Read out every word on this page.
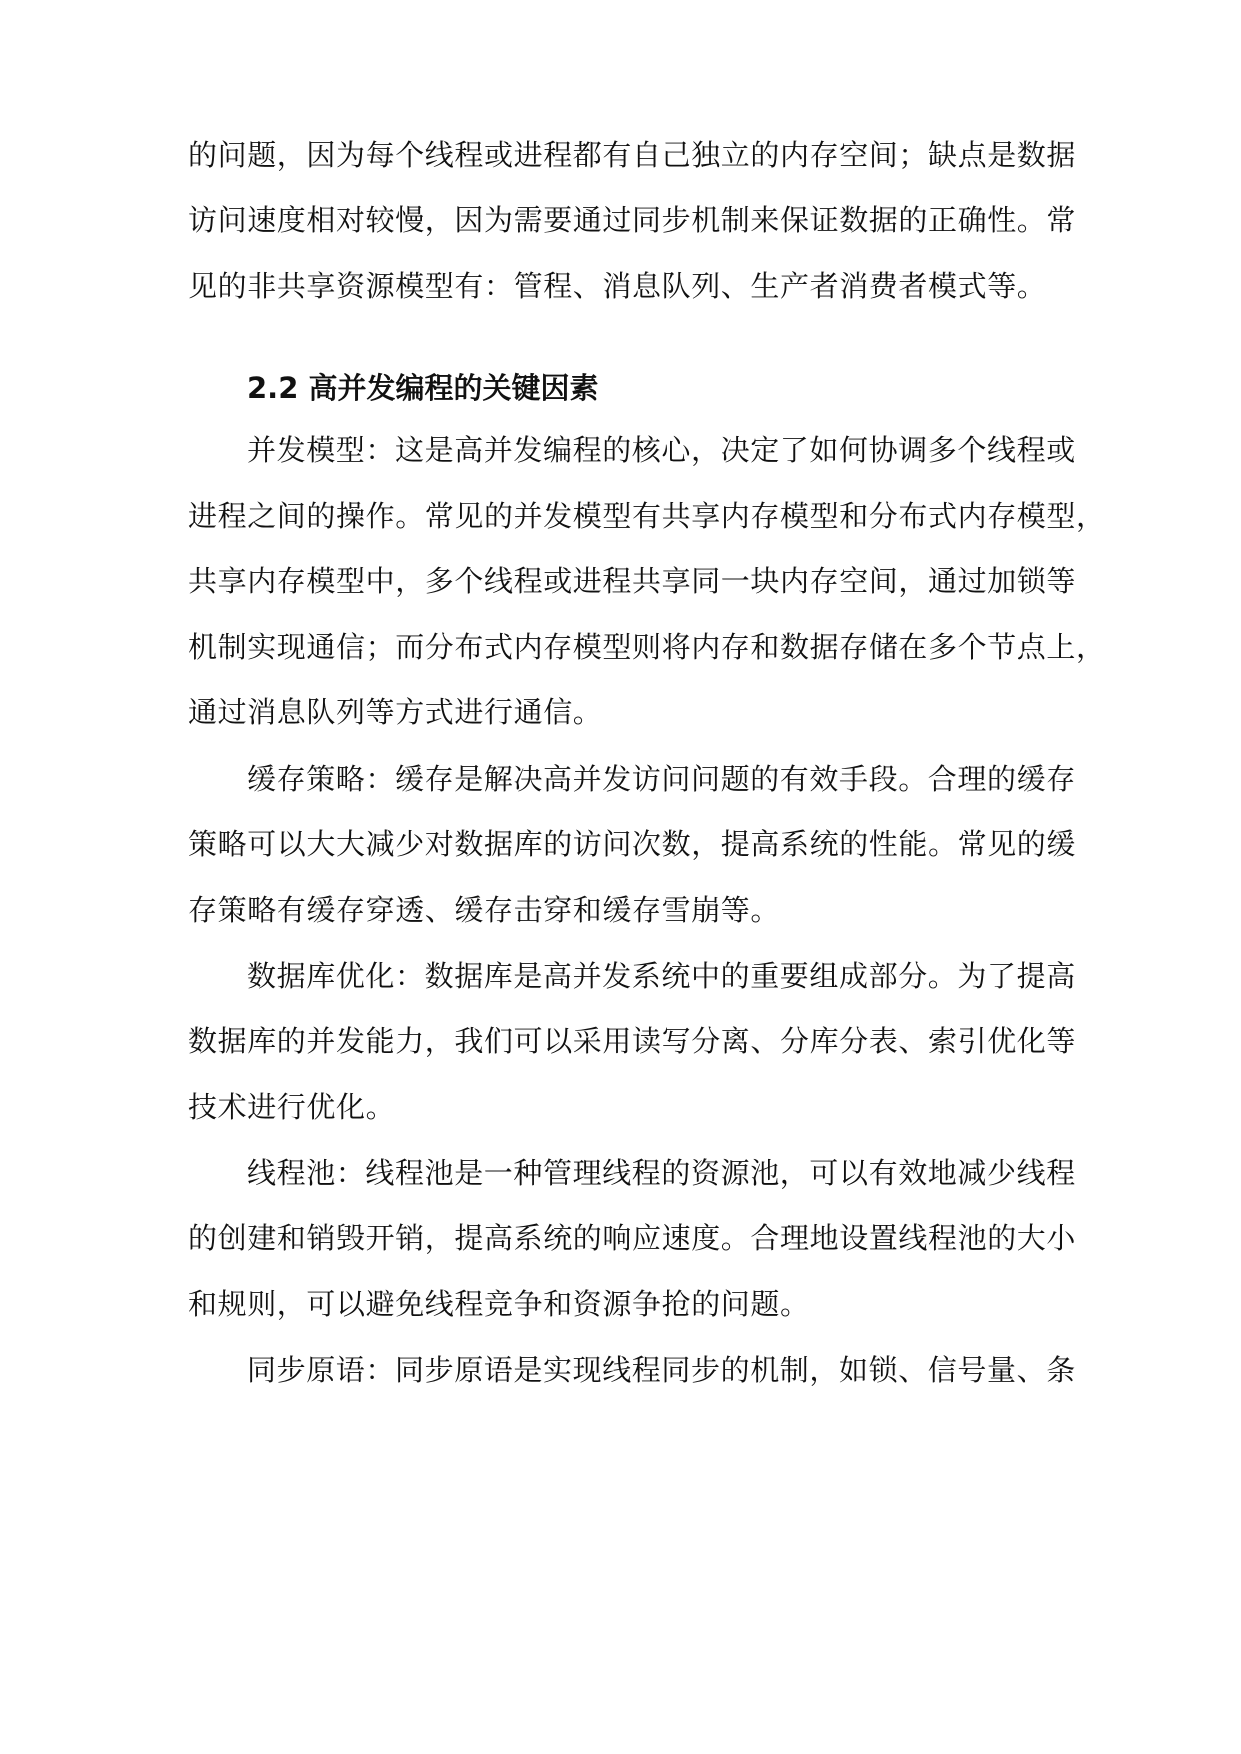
的问题，因为每个线程或进程都有自己独立的内存空间；缺点是数据
访问速度相对较慢，因为需要通过同步机制来保证数据的正确性。常
见的非共享资源模型有：管程、消息队列、生产者消费者模式等。
2.2 高并发编程的关键因素
并发模型：这是高并发编程的核心，决定了如何协调多个线程或
进程之间的操作。常见的并发模型有共享内存模型和分布式内存模型，
共享内存模型中，多个线程或进程共享同一块内存空间，通过加锁等
机制实现通信；而分布式内存模型则将内存和数据存储在多个节点上，
通过消息队列等方式进行通信。
缓存策略：缓存是解决高并发访问问题的有效手段。合理的缓存
策略可以大大减少对数据库的访问次数，提高系统的性能。常见的缓
存策略有缓存穿透、缓存击穿和缓存雪崩等。
数据库优化：数据库是高并发系统中的重要组成部分。为了提高
数据库的并发能力，我们可以采用读写分离、分库分表、索引优化等
技术进行优化。
线程池：线程池是一种管理线程的资源池，可以有效地减少线程
的创建和销毁开销，提高系统的响应速度。合理地设置线程池的大小
和规则，可以避免线程竞争和资源争抢的问题。
同步原语：同步原语是实现线程同步的机制，如锁、信号量、条
